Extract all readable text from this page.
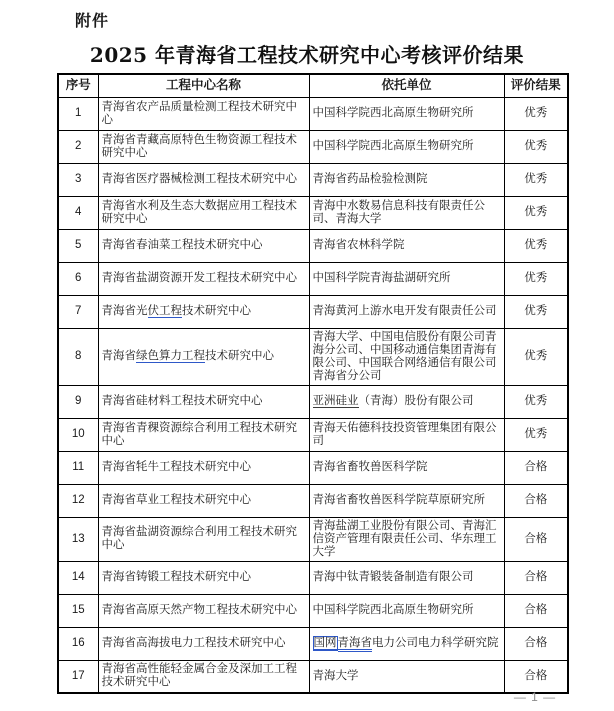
附件
2025 年青海省工程技术研究中心考核评价结果
序号	工程中心名称	依托单位	评价结果
1	青海省农产品质量检测工程技术研究中心	中国科学院西北高原生物研究所	优秀
2	青海省青藏高原特色生物资源工程技术研究中心	中国科学院西北高原生物研究所	优秀
3	青海省医疗器械检测工程技术研究中心	青海省药品检验检测院	优秀
4	青海省水利及生态大数据应用工程技术研究中心	青海中水数易信息科技有限责任公司、青海大学	优秀
5	青海省春油菜工程技术研究中心	青海省农林科学院	优秀
6	青海省盐湖资源开发工程技术研究中心	中国科学院青海盐湖研究所	优秀
7	青海省光伏工程技术研究中心	青海黄河上游水电开发有限责任公司	优秀
8	青海省绿色算力工程技术研究中心	青海大学、中国电信股份有限公司青海分公司、中国移动通信集团青海有限公司、中国联合网络通信有限公司青海省分公司	优秀
9	青海省硅材料工程技术研究中心	亚洲硅业（青海）股份有限公司	优秀
10	青海省青稞资源综合利用工程技术研究中心	青海天佑德科技投资管理集团有限公司	优秀
11	青海省牦牛工程技术研究中心	青海省畜牧兽医科学院	合格
12	青海省草业工程技术研究中心	青海省畜牧兽医科学院草原研究所	合格
13	青海省盐湖资源综合利用工程技术研究中心	青海盐湖工业股份有限公司、青海汇信资产管理有限责任公司、华东理工大学	合格
14	青海省铸锻工程技术研究中心	青海中钛青锻装备制造有限公司	合格
15	青海省高原天然产物工程技术研究中心	中国科学院西北高原生物研究所	合格
16	青海省高海拔电力工程技术研究中心	国网青海省电力公司电力科学研究院	合格
17	青海省高性能轻金属合金及深加工工程技术研究中心	青海大学	合格
— 1 —
